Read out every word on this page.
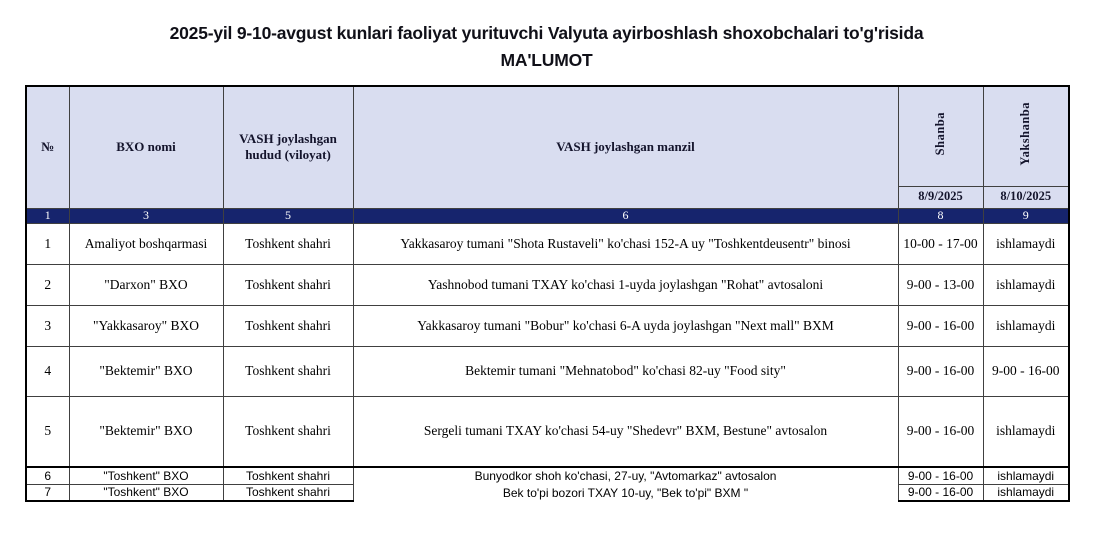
2025-yil 9-10-avgust kunlari faoliyat yurituvchi Valyuta ayirboshlash shoxobchalari to'g'risida
MA'LUMOT
№	BXO nomi	VASH joylashgan hudud (viloyat)	VASH joylashgan manzil	Shanba	Yakshanba
				8/9/2025	8/10/2025
1	3	5	6	8	9
1	Amaliyot boshqarmasi	Toshkent shahri	Yakkasaroy tumani "Shota Rustaveli" ko'chasi 152-A uy "Toshkentdeusentr" binosi	10-00 - 17-00	ishlamaydi
2	"Darxon" BXO	Toshkent shahri	Yashnobod tumani TXAY ko'chasi 1-uyda joylashgan "Rohat" avtosaloni	9-00 - 13-00	ishlamaydi
3	"Yakkasaroy" BXO	Toshkent shahri	Yakkasaroy tumani "Bobur" ko'chasi 6-A uyda joylashgan "Next mall" BXM	9-00 - 16-00	ishlamaydi
4	"Bektemir" BXO	Toshkent shahri	Bektemir tumani "Mehnatobod" ko'chasi 82-uy "Food sity"	9-00 - 16-00	9-00 - 16-00
5	"Bektemir" BXO	Toshkent shahri	Sergeli tumani TXAY ko'chasi 54-uy "Shedevr" BXM, Bestune" avtosalon	9-00 - 16-00	ishlamaydi
6	"Toshkent" BXO	Toshkent shahri	Bunyodkor shoh ko'chasi, 27-uy, "Avtomarkaz" avtosalon	9-00 - 16-00	ishlamaydi
7	"Toshkent" BXO	Toshkent shahri	Bek to'pi bozori TXAY 10-uy, "Bek to'pi" BXM "	9-00 - 16-00	ishlamaydi
